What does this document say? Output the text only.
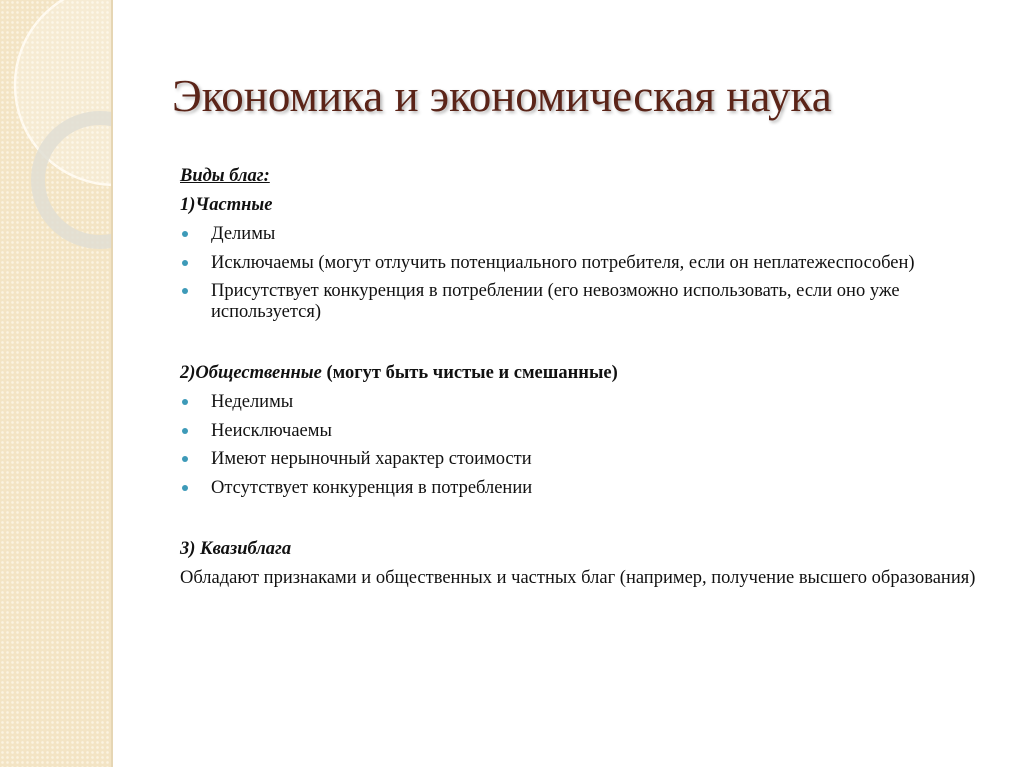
Экономика и экономическая наука
Виды благ:
1)Частные
Делимы
Исключаемы (могут отлучить потенциального потребителя, если он неплатежеспособен)
Присутствует конкуренция в потреблении (его невозможно использовать, если оно уже используется)
2)Общественные (могут быть чистые и смешанные)
Неделимы
Неисключаемы
Имеют нерыночный характер стоимости
Отсутствует конкуренция в потреблении
3) Квазиблага
Обладают признаками и общественных и частных благ (например, получение высшего образования)
